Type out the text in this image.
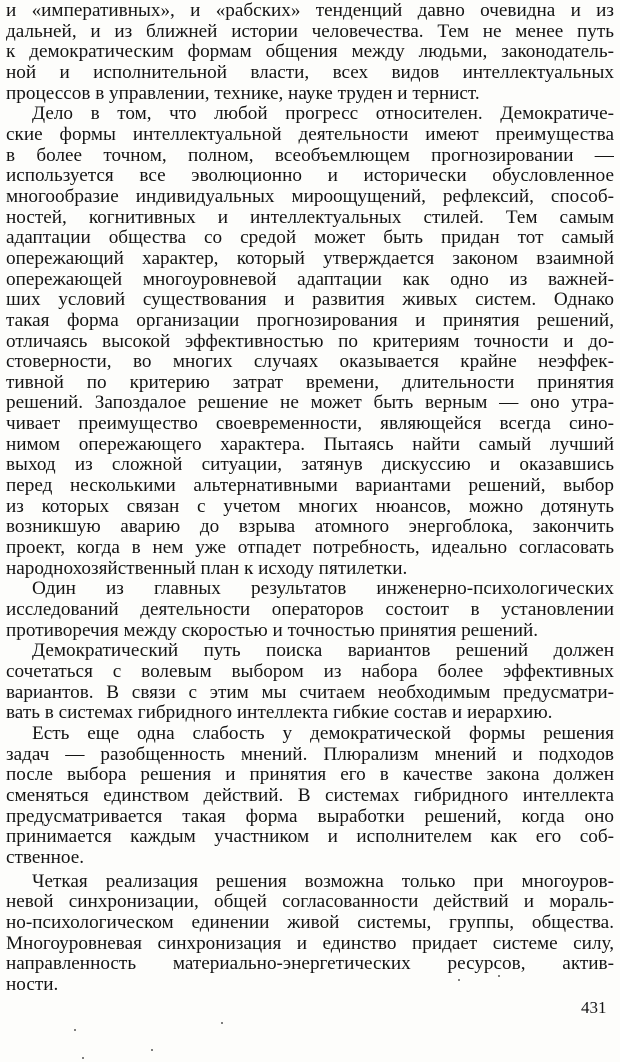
и «императивных», и «рабских» тенденций давно очевидна и из
дальней, и из ближней истории человечества. Тем не менее путь
к демократическим формам общения между людьми, законодатель-
ной и исполнительной власти, всех видов интеллектуальных
процессов в управлении, технике, науке труден и тернист.
Дело в том, что любой прогресс относителен. Демократиче-
ские формы интеллектуальной деятельности имеют преимущества
в более точном, полном, всеобъемлющем прогнозировании —
используется все эволюционно и исторически обусловленное
многообразие индивидуальных мироощущений, рефлексий, способ-
ностей, когнитивных и интеллектуальных стилей. Тем самым
адаптации общества со средой может быть придан тот самый
опережающий характер, который утверждается законом взаимной
опережающей многоуровневой адаптации как одно из важней-
ших условий существования и развития живых систем. Однако
такая форма организации прогнозирования и принятия решений,
отличаясь высокой эффективностью по критериям точности и до-
стоверности, во многих случаях оказывается крайне неэффек-
тивной по критерию затрат времени, длительности принятия
решений. Запоздалое решение не может быть верным — оно утра-
чивает преимущество своевременности, являющейся всегда сино-
нимом опережающего характера. Пытаясь найти самый лучший
выход из сложной ситуации, затянув дискуссию и оказавшись
перед несколькими альтернативными вариантами решений, выбор
из которых связан с учетом многих нюансов, можно дотянуть
возникшую аварию до взрыва атомного энергоблока, закончить
проект, когда в нем уже отпадет потребность, идеально согласовать
народнохозяйственный план к исходу пятилетки.
Один из главных результатов инженерно-психологических
исследований деятельности операторов состоит в установлении
противоречия между скоростью и точностью принятия решений.
Демократический путь поиска вариантов решений должен
сочетаться с волевым выбором из набора более эффективных
вариантов. В связи с этим мы считаем необходимым предусматри-
вать в системах гибридного интеллекта гибкие состав и иерархию.
Есть еще одна слабость у демократической формы решения
задач — разобщенность мнений. Плюрализм мнений и подходов
после выбора решения и принятия его в качестве закона должен
сменяться единством действий. В системах гибридного интеллекта
предусматривается такая форма выработки решений, когда оно
принимается каждым участником и исполнителем как его соб-
ственное.
Четкая реализация решения возможна только при многоуров-
невой синхронизации, общей согласованности действий и мораль-
но-психологическом единении живой системы, группы, общества.
Многоуровневая синхронизация и единство придает системе силу,
направленность материально-энергетических ресурсов, актив-
ности.
431
